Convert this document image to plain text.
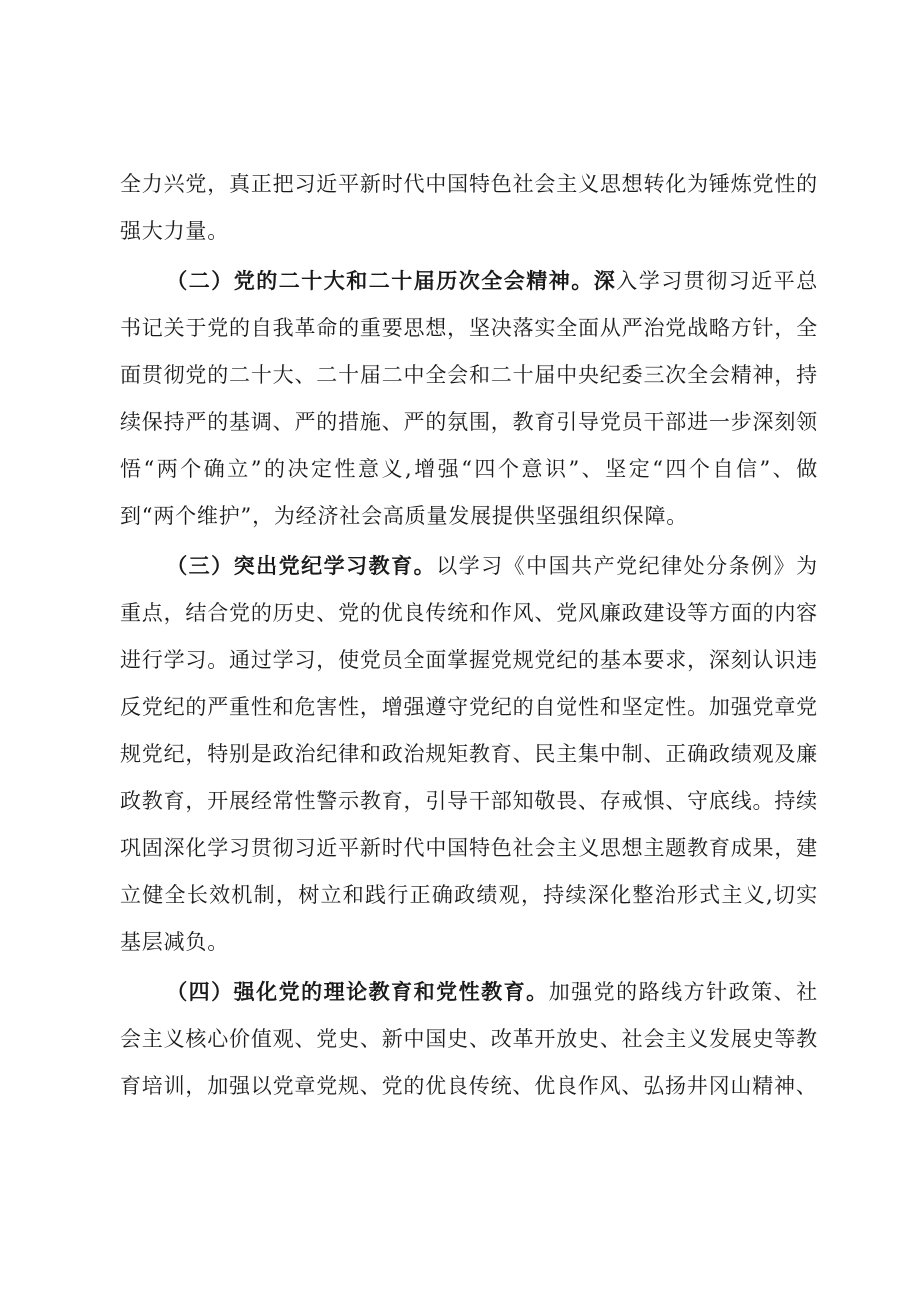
全力兴党，真正把习近平新时代中国特色社会主义思想转化为锤炼党性的强大力量。

（二）党的二十大和二十届历次全会精神。深入学习贯彻习近平总书记关于党的自我革命的重要思想，坚决落实全面从严治党战略方针，全面贯彻党的二十大、二十届二中全会和二十届中央纪委三次全会精神，持续保持严的基调、严的措施、严的氛围，教育引导党员干部进一步深刻领悟“两个确立”的决定性意义,增强“四个意识”、坚定“四个自信”、做到“两个维护”，为经济社会高质量发展提供坚强组织保障。

（三）突出党纪学习教育。以学习《中国共产党纪律处分条例》为重点，结合党的历史、党的优良传统和作风、党风廉政建设等方面的内容进行学习。通过学习，使党员全面掌握党规党纪的基本要求，深刻认识违反党纪的严重性和危害性，增强遵守党纪的自觉性和坚定性。加强党章党规党纪，特别是政治纪律和政治规矩教育、民主集中制、正确政绩观及廉政教育，开展经常性警示教育，引导干部知敬畏、存戒惧、守底线。持续巩固深化学习贯彻习近平新时代中国特色社会主义思想主题教育成果，建立健全长效机制，树立和践行正确政绩观，持续深化整治形式主义,切实基层减负。

（四）强化党的理论教育和党性教育。加强党的路线方针政策、社会主义核心价值观、党史、新中国史、改革开放史、社会主义发展史等教育培训，加强以党章党规、党的优良传统、优良作风、弘扬井冈山精神、
